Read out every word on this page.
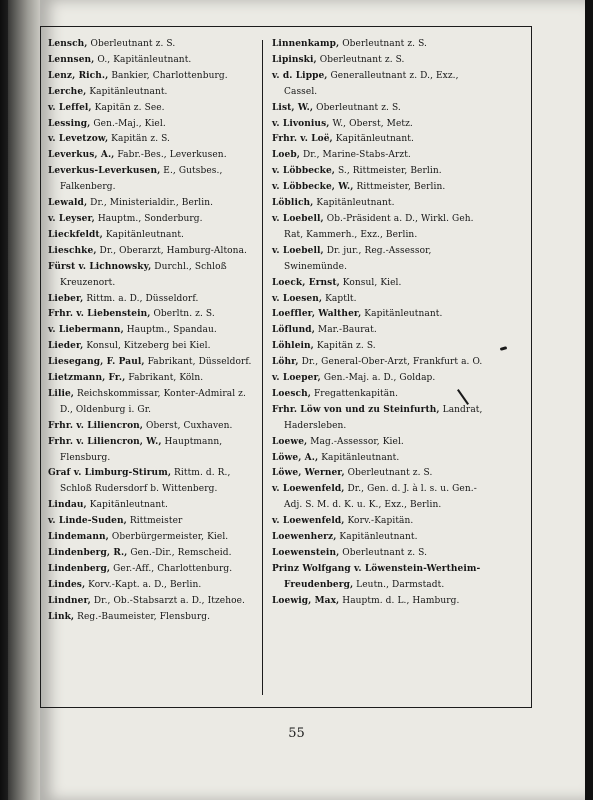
Lensch, Oberleutnant z. S.
Lennsen, O., Kapitänleutnant.
Lenz, Rich., Bankier, Charlottenburg.
Lerche, Kapitänleutnant.
v. Leffel, Kapitän z. See.
Lessing, Gen.-Maj., Kiel.
v. Levetzow, Kapitän z. S.
Leverkus, A., Fabr.-Bes., Leverkusen.
Leverkus-Leverkusen, E., Gutsbes., Falkenberg.
Lewald, Dr., Ministerialdir., Berlin.
v. Leyser, Hauptm., Sonderburg.
Lieckfeldt, Kapitänleutnant.
Lieschke, Dr., Oberarzt, Hamburg-Altona.
Fürst v. Lichnowsky, Durchl., Schloß Kreuzenort.
Lieber, Rittm. a. D., Düsseldorf.
Frhr. v. Liebenstein, Oberltn. z. S.
v. Liebermann, Hauptm., Spandau.
Lieder, Konsul, Kitzeberg bei Kiel.
Liesegang, F. Paul, Fabrikant, Düsseldorf.
Lietzmann, Fr., Fabrikant, Köln.
Lilie, Reichskommissar, Konter-Admiral z. D., Oldenburg i. Gr.
Frhr. v. Liliencron, Oberst, Cuxhaven.
Frhr. v. Liliencron, W., Hauptmann, Flensburg.
Graf v. Limburg-Stirum, Rittm. d. R., Schloß Rudersdorf b. Wittenberg.
Lindau, Kapitänleutnant.
v. Linde-Suden, Rittmeister
Lindemann, Oberbürgermeister, Kiel.
Lindenberg, R., Gen.-Dir., Remscheid.
Lindenberg, Ger.-Aff., Charlottenburg.
Lindes, Korv.-Kapt. a. D., Berlin.
Lindner, Dr., Ob.-Stabsarzt a. D., Itzehoe.
Link, Reg.-Baumeister, Flensburg.
Linnenkamp, Oberleutnant z. S.
Lipinski, Oberleutnant z. S.
v. d. Lippe, Generalleutnant z. D., Exz., Cassel.
List, W., Oberleutnant z. S.
v. Livonius, W., Oberst, Metz.
Frhr. v. Loë, Kapitänleutnant.
Loeb, Dr., Marine-Stabs-Arzt.
v. Löbbecke, S., Rittmeister, Berlin.
v. Löbbecke, W., Rittmeister, Berlin.
Löblich, Kapitänleutnant.
v. Loebell, Ob.-Präsident a. D., Wirkl. Geh. Rat, Kammerh., Exz., Berlin.
v. Loebell, Dr. jur., Reg.-Assessor, Swinemünde.
Loeck, Ernst, Konsul, Kiel.
v. Loesen, Kaptlt.
Loeffler, Walther, Kapitänleutnant.
Löflund, Mar.-Baurat.
Löhlein, Kapitän z. S.
Löhr, Dr., General-Ober-Arzt, Frankfurt a. O.
v. Loeper, Gen.-Maj. a. D., Goldap.
Loesch, Fregattenkapitän.
Frhr. Löw von und zu Steinfurth, Landrat, Hadersleben.
Loewe, Mag.-Assessor, Kiel.
Löwe, A., Kapitänleutnant.
Löwe, Werner, Oberleutnant z. S.
v. Loewenfeld, Dr., Gen. d. J. à l. s. u. Gen.-Adj. S. M. d. K. u. K., Exz., Berlin.
v. Loewenfeld, Korv.-Kapitän.
Loewenherz, Kapitänleutnant.
Loewenstein, Oberleutnant z. S.
Prinz Wolfgang v. Löwenstein-Wertheim-Freudenberg, Leutn., Darmstadt.
Loewig, Max, Hauptm. d. L., Hamburg.
55
